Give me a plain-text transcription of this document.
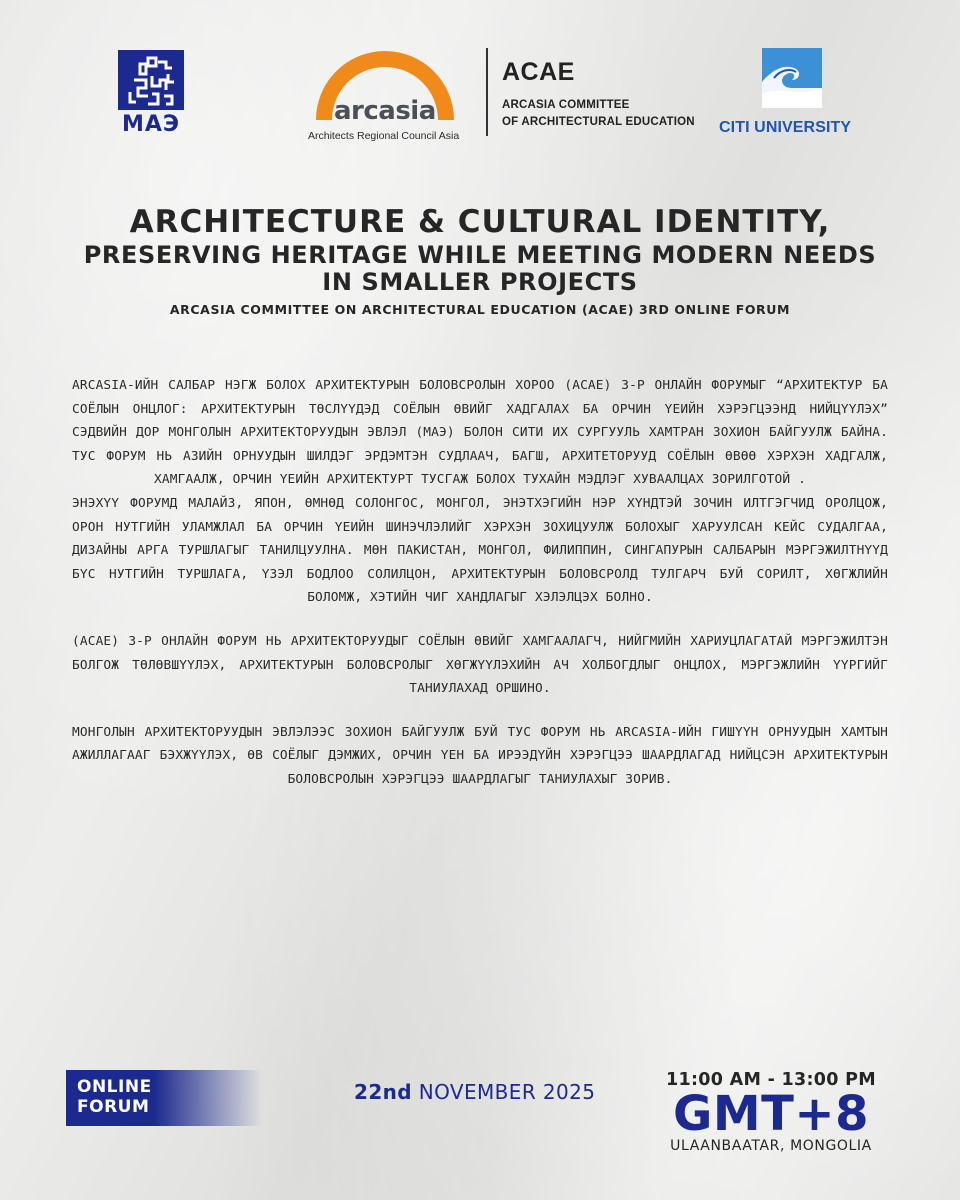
МАЭ	arcasia
Architects Regional Council Asia
ACAE
ARCASIA COMMITTEE
OF ARCHITECTURAL EDUCATION CITI UNIVERSITY
ARCHITECTURE & CULTURAL IDENTITY,
PRESERVING HERITAGE WHILE MEETING MODERN NEEDS
IN SMALLER PROJECTS
ARCASIA COMMITTEE ON ARCHITECTURAL EDUCATION (ACAE) 3RD ONLINE FORUM

ARCASIA-ИЙН САЛБАР НЭГЖ БОЛОХ АРХИТЕКТУРЫН БОЛОВСРОЛЫН ХОРОО (ACAE) 3-Р ОНЛАЙН ФОРУМЫГ “АРХИТЕКТУР БА СОЁЛЫН ОНЦЛОГ: АРХИТЕКТУРЫН ТӨСЛҮҮДЭД СОЁЛЫН ӨВИЙГ ХАДГАЛАХ БА ОРЧИН ҮЕИЙН ХЭРЭГЦЭЭНД НИЙЦҮҮЛЭХ” СЭДВИЙН ДОР МОНГОЛЫН АРХИТЕКТОРУУДЫН ЭВЛЭЛ (МАЭ) БОЛОН СИТИ ИХ СУРГУУЛЬ ХАМТРАН ЗОХИОН БАЙГУУЛЖ БАЙНА. ТУС ФОРУМ НЬ АЗИЙН ОРНУУДЫН ШИЛДЭГ ЭРДЭМТЭН СУДЛААЧ, БАГШ, АРХИТЕТОРУУД СОЁЛЫН ӨВӨӨ ХЭРХЭН ХАДГАЛЖ, ХАМГААЛЖ, ОРЧИН ҮЕИЙН АРХИТЕКТУРТ ТУСГАЖ БОЛОХ ТУХАЙН МЭДЛЭГ ХУВААЛЦАХ ЗОРИЛГОТОЙ .

ЭНЭХҮҮ ФОРУМД МАЛАЙЗ, ЯПОН, ӨМНӨД СОЛОНГОС, МОНГОЛ, ЭНЭТХЭГИЙН НЭР ХҮНДТЭЙ ЗОЧИН ИЛТГЭГЧИД ОРОЛЦОЖ, ОРОН НУТГИЙН УЛАМЖЛАЛ БА ОРЧИН ҮЕИЙН ШИНЭЧЛЭЛИЙГ ХЭРХЭН ЗОХИЦУУЛЖ БОЛОХЫГ ХАРУУЛСАН КЕЙС СУДАЛГАА, ДИЗАЙНЫ АРГА ТУРШЛАГЫГ ТАНИЛЦУУЛНА. МӨН ПАКИСТАН, МОНГОЛ, ФИЛИППИН, СИНГАПУРЫН САЛБАРЫН МЭРГЭЖИЛТНҮҮД БҮС НУТГИЙН ТУРШЛАГА, ҮЗЭЛ БОДЛОО СОЛИЛЦОН, АРХИТЕКТУРЫН БОЛОВСРОЛД ТУЛГАРЧ БУЙ СОРИЛТ, ХӨГЖЛИЙН БОЛОМЖ, ХЭТИЙН ЧИГ ХАНДЛАГЫГ ХЭЛЭЛЦЭХ БОЛНО.

(ACAE) 3-Р ОНЛАЙН ФОРУМ НЬ АРХИТЕКТОРУУДЫГ СОЁЛЫН ӨВИЙГ ХАМГААЛАГЧ, НИЙГМИЙН ХАРИУЦЛАГАТАЙ МЭРГЭЖИЛТЭН БОЛГОЖ ТӨЛӨВШҮҮЛЭХ, АРХИТЕКТУРЫН БОЛОВСРОЛЫГ ХӨГЖҮҮЛЭХИЙН АЧ ХОЛБОГДЛЫГ ОНЦЛОХ, МЭРГЭЖЛИЙН ҮҮРГИЙГ ТАНИУЛАХАД ОРШИНО.

МОНГОЛЫН АРХИТЕКТОРУУДЫН ЭВЛЭЛЭЭС ЗОХИОН БАЙГУУЛЖ БУЙ ТУС ФОРУМ НЬ ARCASIA-ИЙН ГИШҮҮН ОРНУУДЫН ХАМТЫН АЖИЛЛАГААГ БЭХЖҮҮЛЭХ, ӨВ СОЁЛЫГ ДЭМЖИХ, ОРЧИН ҮЕН БА ИРЭЭДҮЙН ХЭРЭГЦЭЭ ШААРДЛАГАД НИЙЦСЭН АРХИТЕКТУРЫН БОЛОВСРОЛЫН ХЭРЭГЦЭЭ ШААРДЛАГЫГ ТАНИУЛАХЫГ ЗОРИВ.

ONLINE
FORUM
22nd NOVEMBER 2025	11:00 AM - 13:00 PM
GMT+8
ULAANBAATAR, MONGOLIA
